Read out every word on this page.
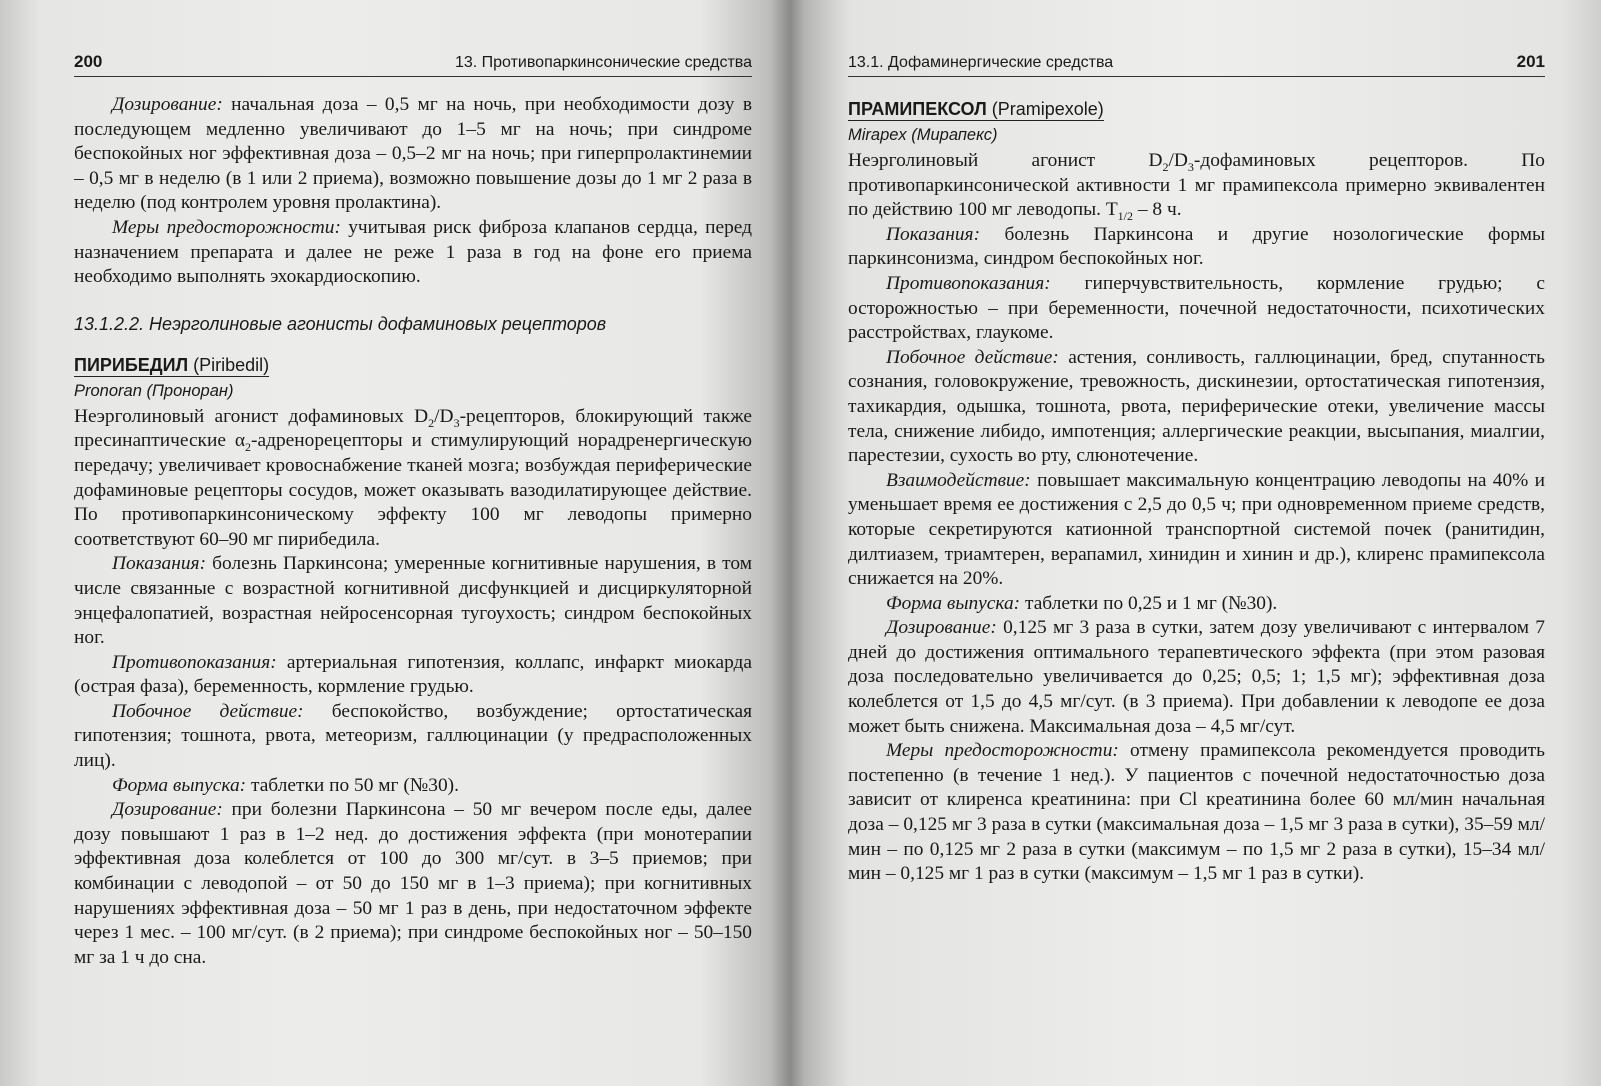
200	13. Противопаркинсонические средства

Дозирование: начальная доза – 0,5 мг на ночь, при необходимости дозу в последующем медленно увеличивают до 1–5 мг на ночь; при синдроме беспокойных ног эффективная доза – 0,5–2 мг на ночь; при гиперпролактинемии – 0,5 мг в неделю (в 1 или 2 приема), возможно повышение дозы до 1 мг 2 раза в неделю (под контролем уровня пролактина).

Меры предосторожности: учитывая риск фиброза клапанов сердца, перед назначением препарата и далее не реже 1 раза в год на фоне его приема необходимо выполнять эхокардиоскопию.

13.1.2.2. Неэрголиновые агонисты дофаминовых рецепторов
ПИРИБЕДИЛ (Piribedil)
Pronoran (Проноран)

Неэрголиновый агонист дофаминовых $D_2/D_3$-рецепторов, блокирующий также пресинаптические $\alpha_2$-адренорецепторы и стимулирующий норадренергическую передачу; увеличивает кровоснабжение тканей мозга; возбуждая периферические дофаминовые рецепторы сосудов, может оказывать вазодилатирующее действие. По противопаркинсоническому эффекту 100 мг леводопы примерно соответствуют 60–90 мг пирибедила.

Показания: болезнь Паркинсона; умеренные когнитивные нарушения, в том числе связанные с возрастной когнитивной дисфункцией и дисциркуляторной энцефалопатией, возрастная нейросенсорная тугоухость; синдром беспокойных ног.

Противопоказания: артериальная гипотензия, коллапс, инфаркт миокарда (острая фаза), беременность, кормление грудью.

Побочное действие: беспокойство, возбуждение; ортостатическая гипотензия; тошнота, рвота, метеоризм, галлюцинации (у предрасположенных лиц).

Форма выпуска: таблетки по 50 мг (№30).

Дозирование: при болезни Паркинсона – 50 мг вечером после еды, далее дозу повышают 1 раз в 1–2 нед. до достижения эффекта (при монотерапии эффективная доза колеблется от 100 до 300 мг/сут. в 3–5 приемов; при комбинации с леводопой – от 50 до 150 мг в 1–3 приема); при когнитивных нарушениях эффективная доза – 50 мг 1 раз в день, при недостаточном эффекте через 1 мес. – 100 мг/сут. (в 2 приема); при синдроме беспокойных ног – 50–150 мг за 1 ч до сна.

13.1. Дофаминергические средства	201
ПРАМИПЕКСОЛ (Pramipexole)
Mirapex (Мирапекс)

Неэрголиновый агонист $D_2/D_3$-дофаминовых рецепторов. По противопаркинсонической активности 1 мг прамипексола примерно эквивалентен по действию 100 мг леводопы. $T_{1/2} - 8$ ч.

Показания: болезнь Паркинсона и другие нозологические формы паркинсонизма, синдром беспокойных ног.

Противопоказания: гиперчувствительность, кормление грудью; с осторожностью – при беременности, почечной недостаточности, психотических расстройствах, глаукоме.

Побочное действие: астения, сонливость, галлюцинации, бред, спутанность сознания, головокружение, тревожность, дискинезии, ортостатическая гипотензия, тахикардия, одышка, тошнота, рвота, периферические отеки, увеличение массы тела, снижение либидо, импотенция; аллергические реакции, высыпания, миалгии, парестезии, сухость во рту, слюнотечение.

Взаимодействие: повышает максимальную концентрацию леводопы на 40% и уменьшает время ее достижения с 2,5 до 0,5 ч; при одновременном приеме средств, которые секретируются катионной транспортной системой почек (ранитидин, дилтиазем, триамтерен, верапамил, хинидин и хинин и др.), клиренс прамипексола снижается на 20%.

Форма выпуска: таблетки по 0,25 и 1 мг (№30).

Дозирование: 0,125 мг 3 раза в сутки, затем дозу увеличивают с интервалом 7 дней до достижения оптимального терапевтического эффекта (при этом разовая доза последовательно увеличивается до 0,25; 0,5; 1; 1,5 мг); эффективная доза колеблется от 1,5 до 4,5 мг/сут. (в 3 приема). При добавлении к леводопе ее доза может быть снижена. Максимальная доза – 4,5 мг/сут.

Меры предосторожности: отмену прамипексола рекомендуется проводить постепенно (в течение 1 нед.). У пациентов с почечной недостаточностью доза зависит от клиренса креатинина: при Cl креатинина более 60 мл/мин начальная доза – 0,125 мг 3 раза в сутки (максимальная доза – 1,5 мг 3 раза в сутки), 35–59 мл/мин – по 0,125 мг 2 раза в сутки (максимум – по 1,5 мг 2 раза в сутки), 15–34 мл/мин – 0,125 мг 1 раз в сутки (максимум – 1,5 мг 1 раз в сутки).
